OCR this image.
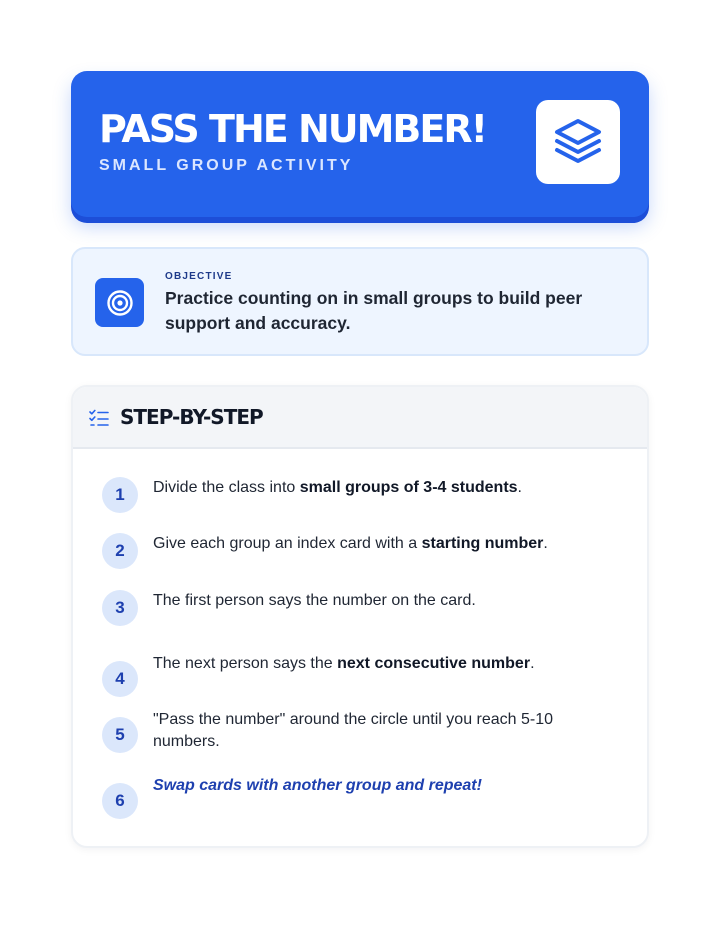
PASS THE NUMBER!
SMALL GROUP ACTIVITY
OBJECTIVE
Practice counting on in small groups to build peer support and accuracy.
STEP-BY-STEP
1	Divide the class into small groups of 3-4 students.
2	Give each group an index card with a starting number.
3	The first person says the number on the card.
4
The next person says the next consecutive number.
5
"Pass the number" around the circle until you reach 5-10 numbers.
6
Swap cards with another group and repeat!
